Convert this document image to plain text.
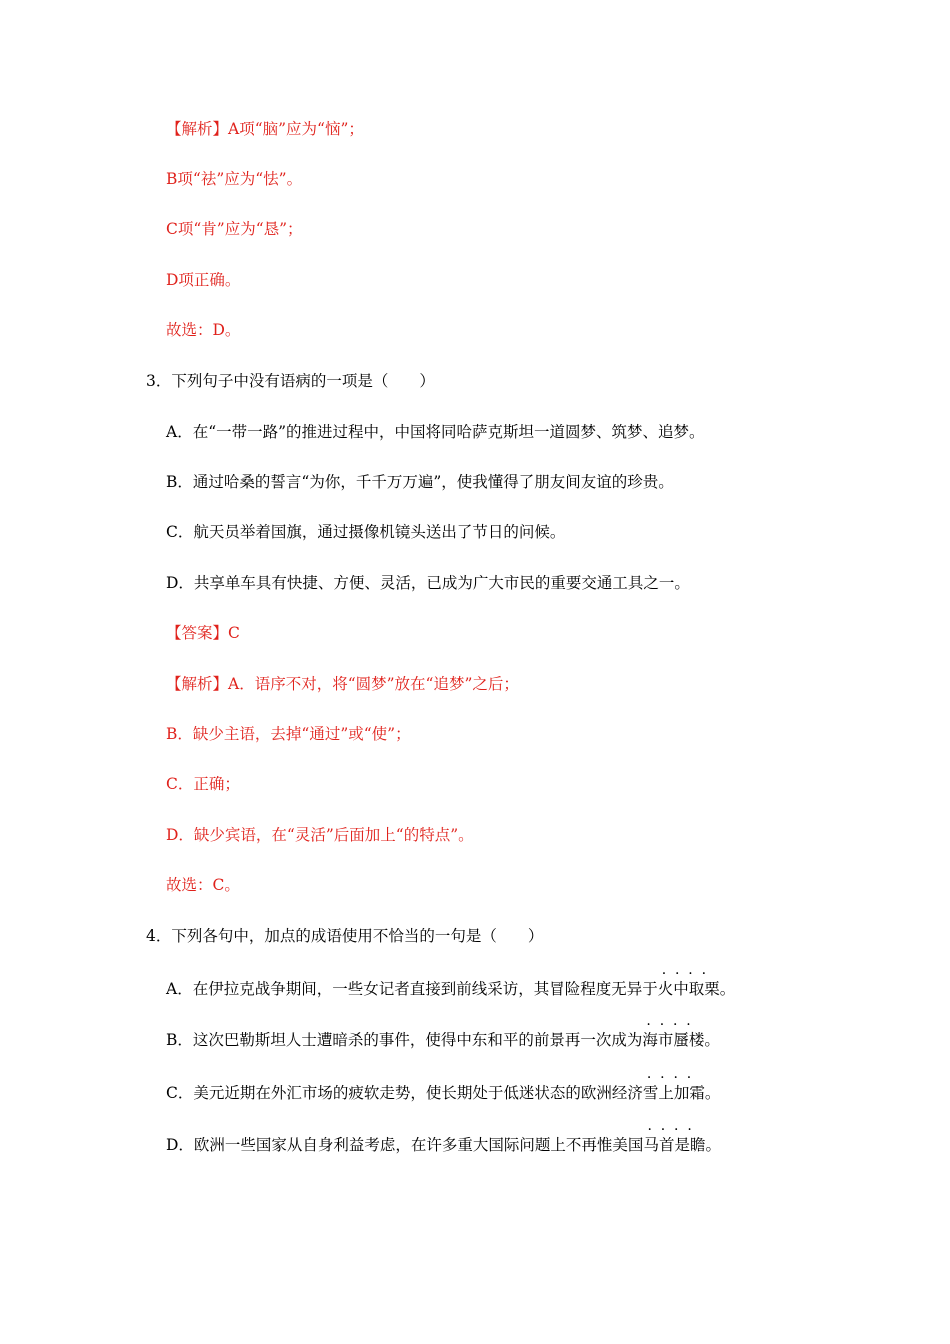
【解析】A项“脑”应为“恼”；
B项“祛”应为“怯”。
C项“肯”应为“恳”；
D项正确。
故选：D。
3．下列句子中没有语病的一项是（　　）
A．在“一带一路”的推进过程中，中国将同哈萨克斯坦一道圆梦、筑梦、追梦。
B．通过哈桑的誓言“为你，千千万万遍”，使我懂得了朋友间友谊的珍贵。
C．航天员举着国旗，通过摄像机镜头送出了节日的问候。
D．共享单车具有快捷、方便、灵活，已成为广大市民的重要交通工具之一。
【答案】C
【解析】A．语序不对，将“圆梦”放在“追梦”之后；
B．缺少主语，去掉“通过”或“使”；
C．正确；
D．缺少宾语，在“灵活”后面加上“的特点”。
故选：C。
4．下列各句中，加点的成语使用不恰当的一句是（　　）
A．在伊拉克战争期间，一些女记者直接到前线采访，其冒险程度无异于· · · · 火中取栗。
B．这次巴勒斯坦人士遭暗杀的事件，使得中东和平的前景再一次成为· · · · 海市蜃楼。
C．美元近期在外汇市场的疲软走势，使长期处于低迷状态的欧洲经济· · · · 雪上加霜。
D．欧洲一些国家从自身利益考虑，在许多重大国际问题上不再惟美国· · · · 马首是瞻。
